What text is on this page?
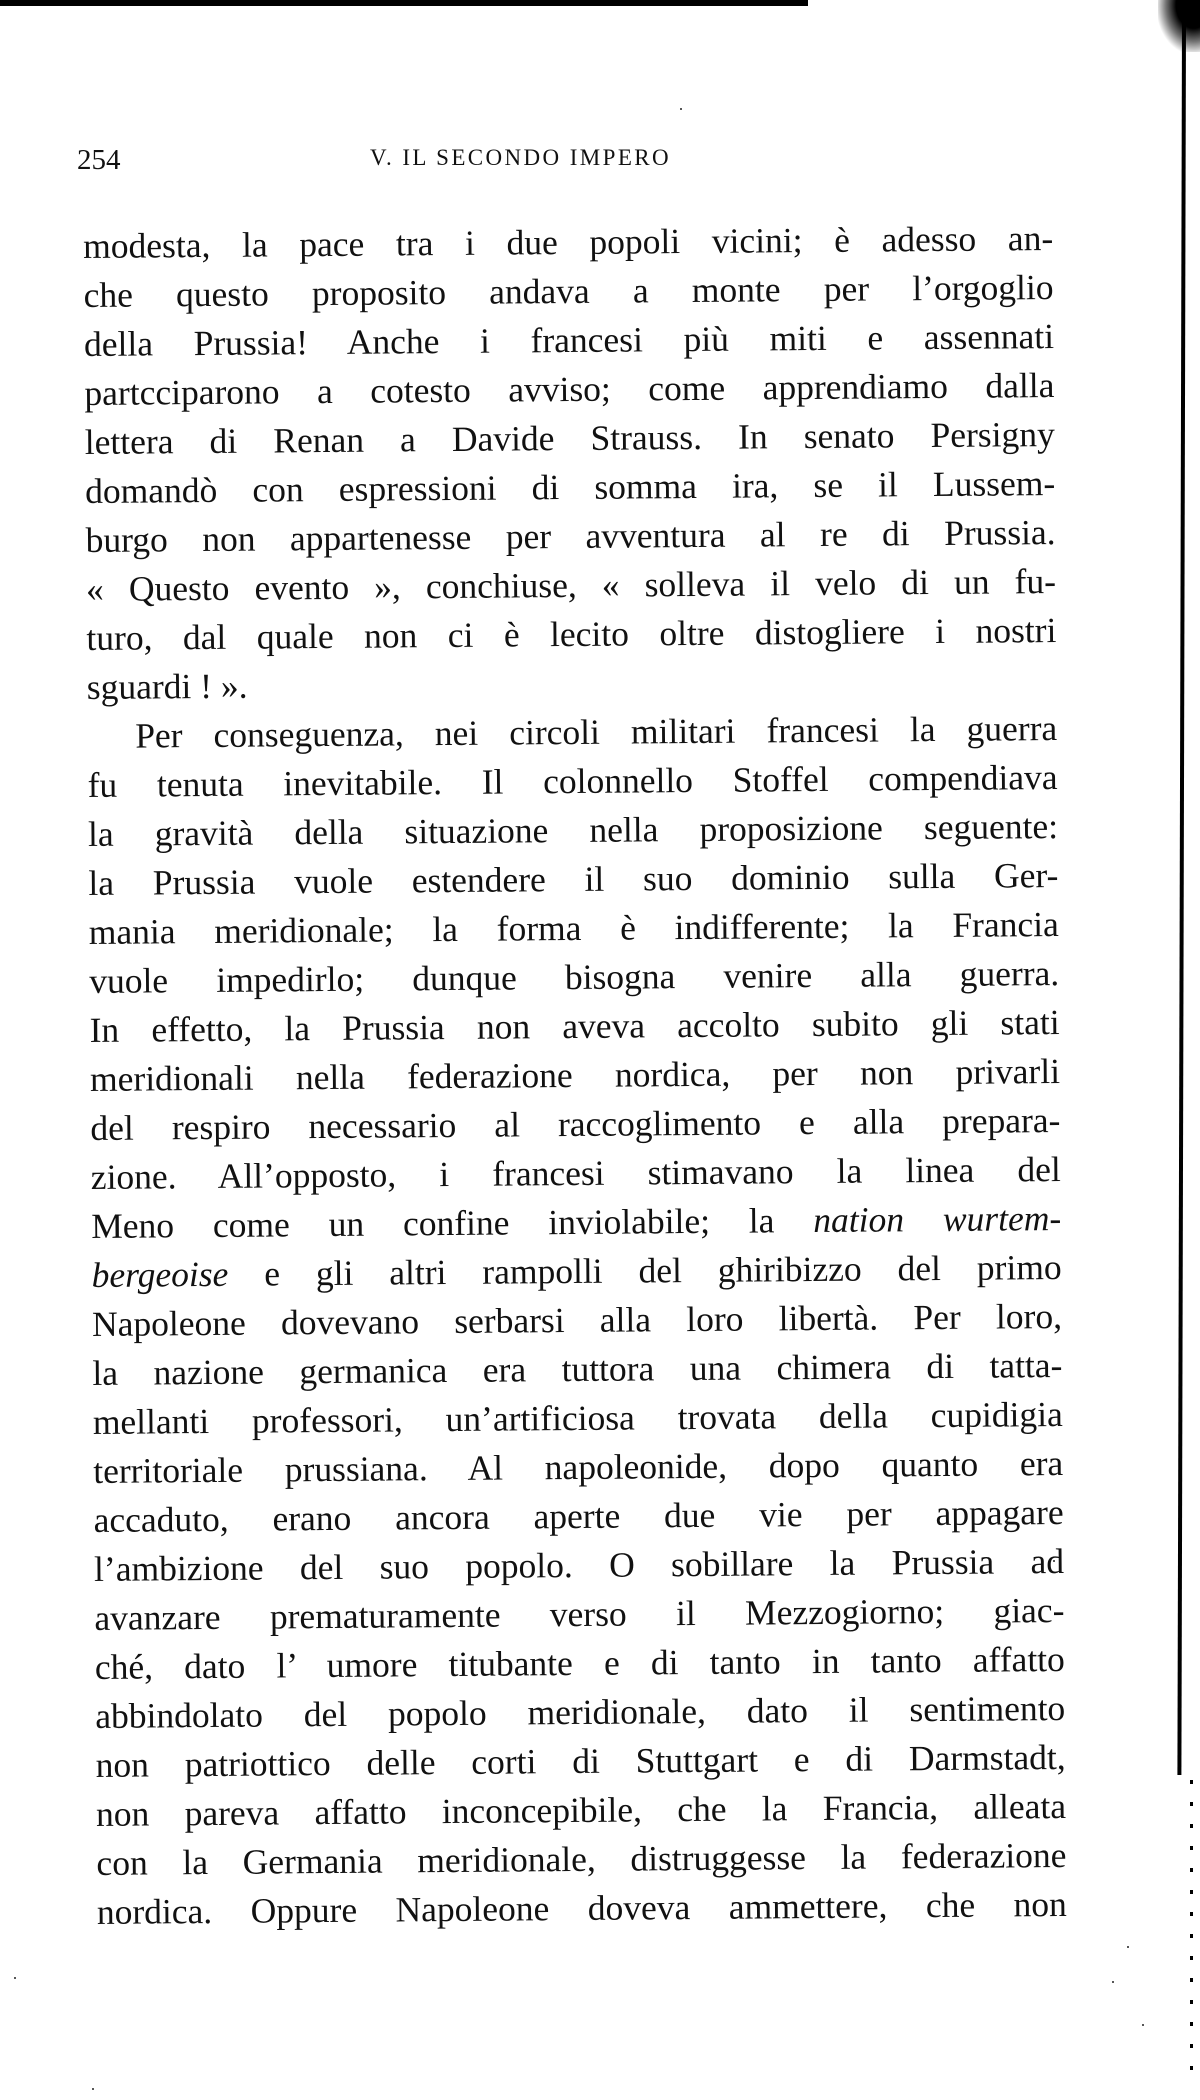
254	V. IL SECONDO IMPERO
modesta, la pace tra i due popoli vicini; è adesso an-
che questo proposito andava a monte per l’orgoglio
della Prussia! Anche i francesi più miti e assennati
partcciparono a cotesto avviso; come apprendiamo dalla
lettera di Renan a Davide Strauss. In senato Persigny
domandò con espressioni di somma ira, se il Lussem-
burgo non appartenesse per avventura al re di Prussia.
« Questo evento », conchiuse, « solleva il velo di un fu-
turo, dal quale non ci è lecito oltre distogliere i nostri
sguardi ! ».
Per conseguenza, nei circoli militari francesi la guerra
fu tenuta inevitabile. Il colonnello Stoffel compendiava
la gravità della situazione nella proposizione seguente:
la Prussia vuole estendere il suo dominio sulla Ger-
mania meridionale; la forma è indifferente; la Francia
vuole impedirlo; dunque bisogna venire alla guerra.
In effetto, la Prussia non aveva accolto subito gli stati
meridionali nella federazione nordica, per non privarli
del respiro necessario al raccoglimento e alla prepara-
zione. All’opposto, i francesi stimavano la linea del
Meno come un confine inviolabile; la nation wurtem-
bergeoise e gli altri rampolli del ghiribizzo del primo
Napoleone dovevano serbarsi alla loro libertà. Per loro,
la nazione germanica era tuttora una chimera di tatta-
mellanti professori, un’artificiosa trovata della cupidigia
territoriale prussiana. Al napoleonide, dopo quanto era
accaduto, erano ancora aperte due vie per appagare
l’ambizione del suo popolo. O sobillare la Prussia ad
avanzare prematuramente verso il Mezzogiorno; giac-
ché, dato l’ umore titubante e di tanto in tanto affatto
abbindolato del popolo meridionale, dato il sentimento
non patriottico delle corti di Stuttgart e di Darmstadt,
non pareva affatto inconcepibile, che la Francia, alleata
con la Germania meridionale, distruggesse la federazione
nordica. Oppure Napoleone doveva ammettere, che non
